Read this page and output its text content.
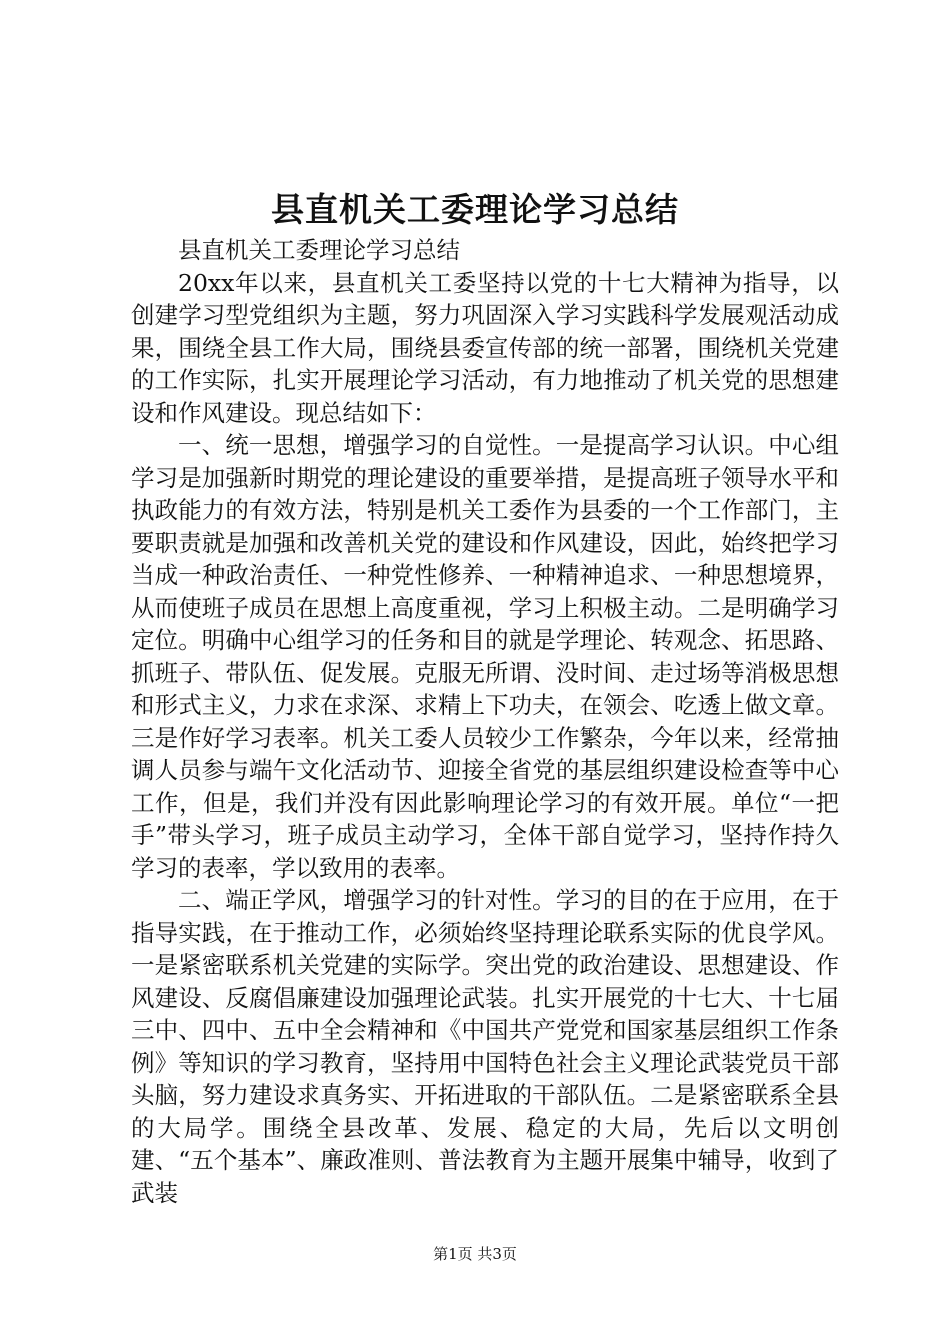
县直机关工委理论学习总结

县直机关工委理论学习总结

20xx年以来，县直机关工委坚持以党的十七大精神为指导，以创建学习型党组织为主题，努力巩固深入学习实践科学发展观活动成果，围绕全县工作大局，围绕县委宣传部的统一部署，围绕机关党建的工作实际，扎实开展理论学习活动，有力地推动了机关党的思想建设和作风建设。现总结如下：

一、统一思想，增强学习的自觉性。一是提高学习认识。中心组学习是加强新时期党的理论建设的重要举措，是提高班子领导水平和执政能力的有效方法，特别是机关工委作为县委的一个工作部门，主要职责就是加强和改善机关党的建设和作风建设，因此，始终把学习当成一种政治责任、一种党性修养、一种精神追求、一种思想境界，从而使班子成员在思想上高度重视，学习上积极主动。二是明确学习定位。明确中心组学习的任务和目的就是学理论、转观念、拓思路、抓班子、带队伍、促发展。克服无所谓、没时间、走过场等消极思想和形式主义，力求在求深、求精上下功夫，在领会、吃透上做文章。三是作好学习表率。机关工委人员较少工作繁杂，今年以来，经常抽调人员参与端午文化活动节、迎接全省党的基层组织建设检查等中心工作，但是，我们并没有因此影响理论学习的有效开展。单位“一把手”带头学习，班子成员主动学习，全体干部自觉学习，坚持作持久学习的表率，学以致用的表率。

二、端正学风，增强学习的针对性。学习的目的在于应用，在于指导实践，在于推动工作，必须始终坚持理论联系实际的优良学风。一是紧密联系机关党建的实际学。突出党的政治建设、思想建设、作风建设、反腐倡廉建设加强理论武装。扎实开展党的十七大、十七届三中、四中、五中全会精神和《中国共产党党和国家基层组织工作条例》等知识的学习教育，坚持用中国特色社会主义理论武装党员干部头脑，努力建设求真务实、开拓进取的干部队伍。二是紧密联系全县的大局学。围绕全县改革、发展、稳定的大局，先后以文明创建、“五个基本”、廉政准则、普法教育为主题开展集中辅导，收到了武装

第1页 共3页
